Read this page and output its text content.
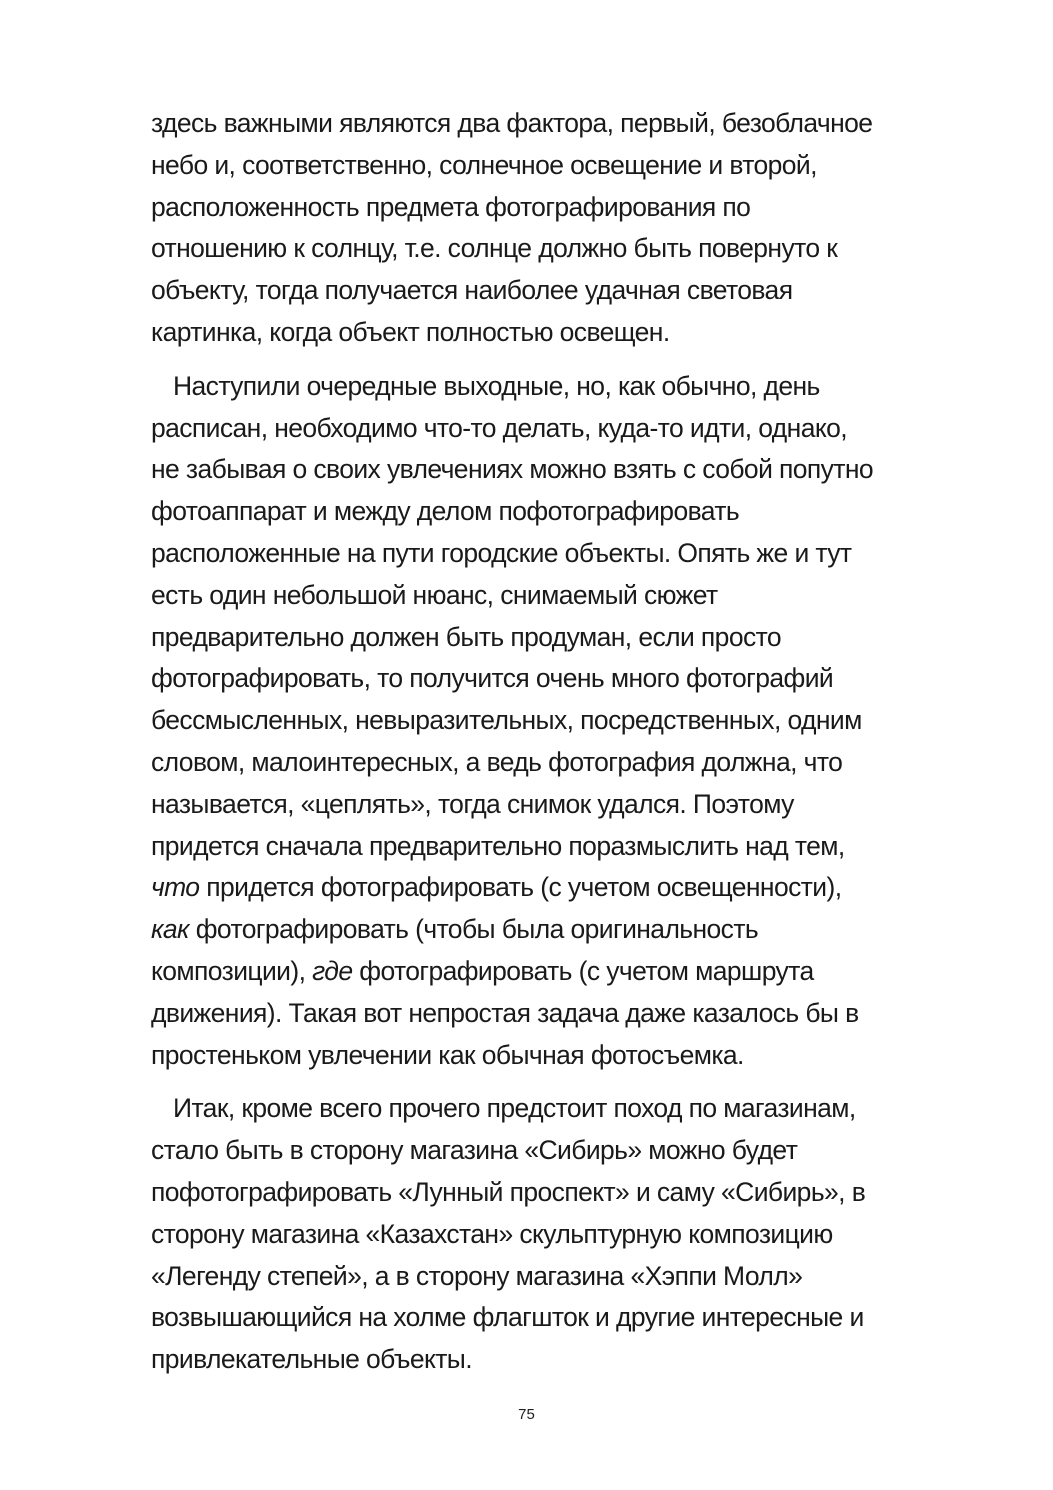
здесь важными являются два фактора, первый, безоблачное
небо и, соответственно, солнечное освещение и второй,
расположенность предмета фотографирования по
отношению к солнцу, т.е. солнце должно быть повернуто к
объекту, тогда получается наиболее удачная световая
картинка, когда объект полностью освещен.

Наступили очередные выходные, но, как обычно, день
расписан, необходимо что-то делать, куда-то идти, однако,
не забывая о своих увлечениях можно взять с собой попутно
фотоаппарат и между делом пофотографировать
расположенные на пути городские объекты. Опять же и тут
есть один небольшой нюанс, снимаемый сюжет
предварительно должен быть продуман, если просто
фотографировать, то получится очень много фотографий
бессмысленных, невыразительных, посредственных, одним
словом, малоинтересных, а ведь фотография должна, что
называется, «цеплять», тогда снимок удался. Поэтому
придется сначала предварительно поразмыслить над тем,
что придется фотографировать (с учетом освещенности),
как фотографировать (чтобы была оригинальность
композиции), где фотографировать (с учетом маршрута
движения). Такая вот непростая задача даже казалось бы в
простеньком увлечении как обычная фотосъемка.

Итак, кроме всего прочего предстоит поход по магазинам,
стало быть в сторону магазина «Сибирь» можно будет
пофотографировать «Лунный проспект» и саму «Сибирь», в
сторону магазина «Казахстан» скульптурную композицию
«Легенду степей», а в сторону магазина «Хэппи Молл»
возвышающийся на холме флагшток и другие интересные и
привлекательные объекты.

75
